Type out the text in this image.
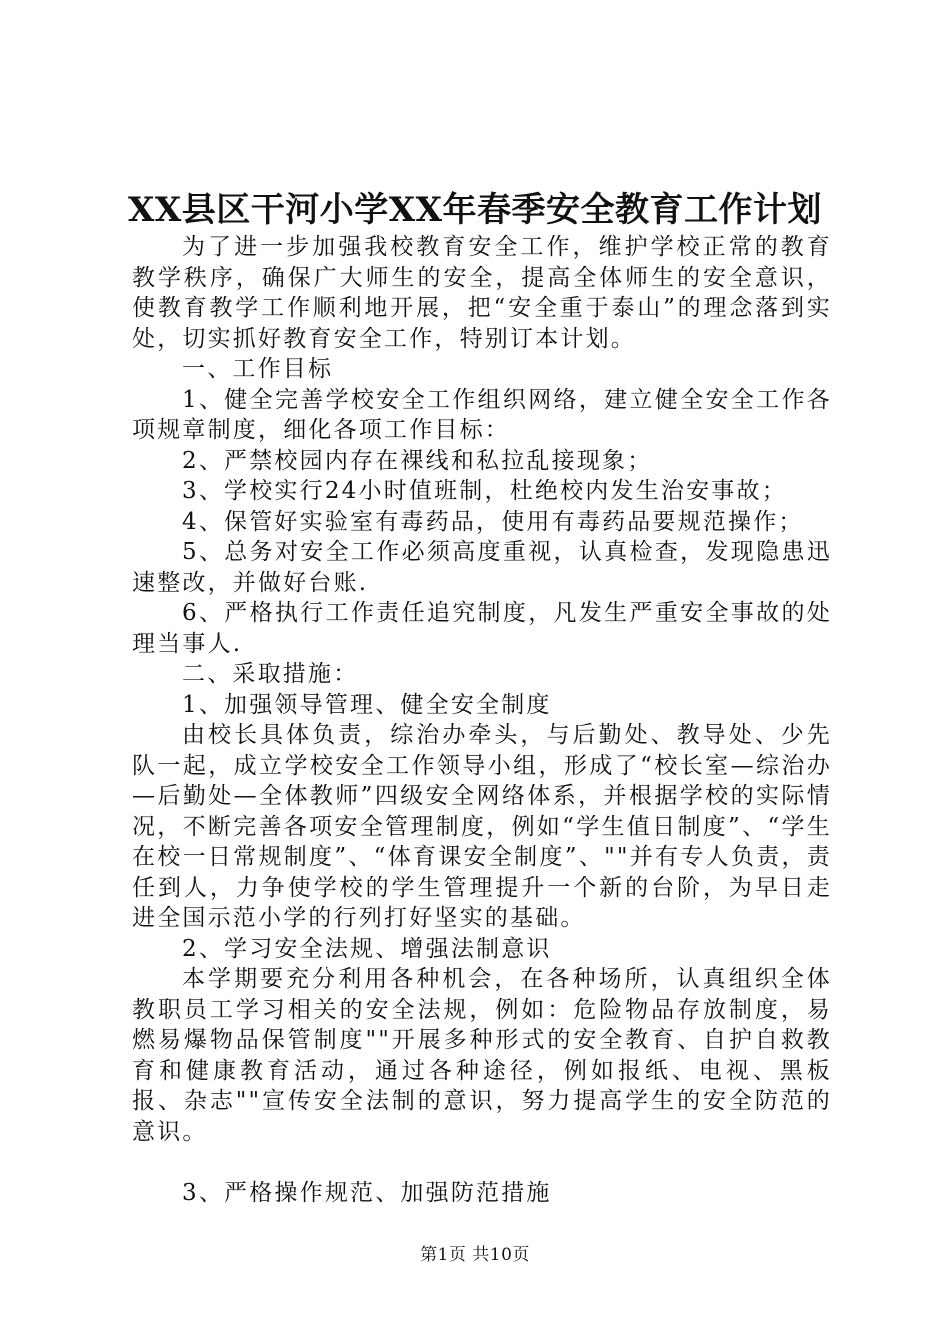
XX县区干河小学XX年春季安全教育工作计划

为了进一步加强我校教育安全工作，维护学校正常的教育教学秩序，确保广大师生的安全，提高全体师生的安全意识，使教育教学工作顺利地开展，把“安全重于泰山”的理念落到实处，切实抓好教育安全工作，特别订本计划。

一、工作目标

1、健全完善学校安全工作组织网络，建立健全安全工作各项规章制度，细化各项工作目标：

2、严禁校园内存在裸线和私拉乱接现象；

3、学校实行24小时值班制，杜绝校内发生治安事故；

4、保管好实验室有毒药品，使用有毒药品要规范操作；

5、总务对安全工作必须高度重视，认真检查，发现隐患迅速整改，并做好台账.

6、严格执行工作责任追究制度，凡发生严重安全事故的处理当事人.

二、采取措施：

1、加强领导管理、健全安全制度

由校长具体负责，综治办牵头，与后勤处、教导处、少先队一起，成立学校安全工作领导小组，形成了“校长室—综治办—后勤处—全体教师”四级安全网络体系，并根据学校的实际情况，不断完善各项安全管理制度，例如“学生值日制度”、“学生在校一日常规制度”、“体育课安全制度”、""并有专人负责，责任到人，力争使学校的学生管理提升一个新的台阶，为早日走进全国示范小学的行列打好坚实的基础。

2、学习安全法规、增强法制意识

本学期要充分利用各种机会，在各种场所，认真组织全体教职员工学习相关的安全法规，例如：危险物品存放制度，易燃易爆物品保管制度""开展多种形式的安全教育、自护自救教育和健康教育活动，通过各种途径，例如报纸、电视、黑板报、杂志""宣传安全法制的意识，努力提高学生的安全防范的意识。

3、严格操作规范、加强防范措施

第1页 共10页
